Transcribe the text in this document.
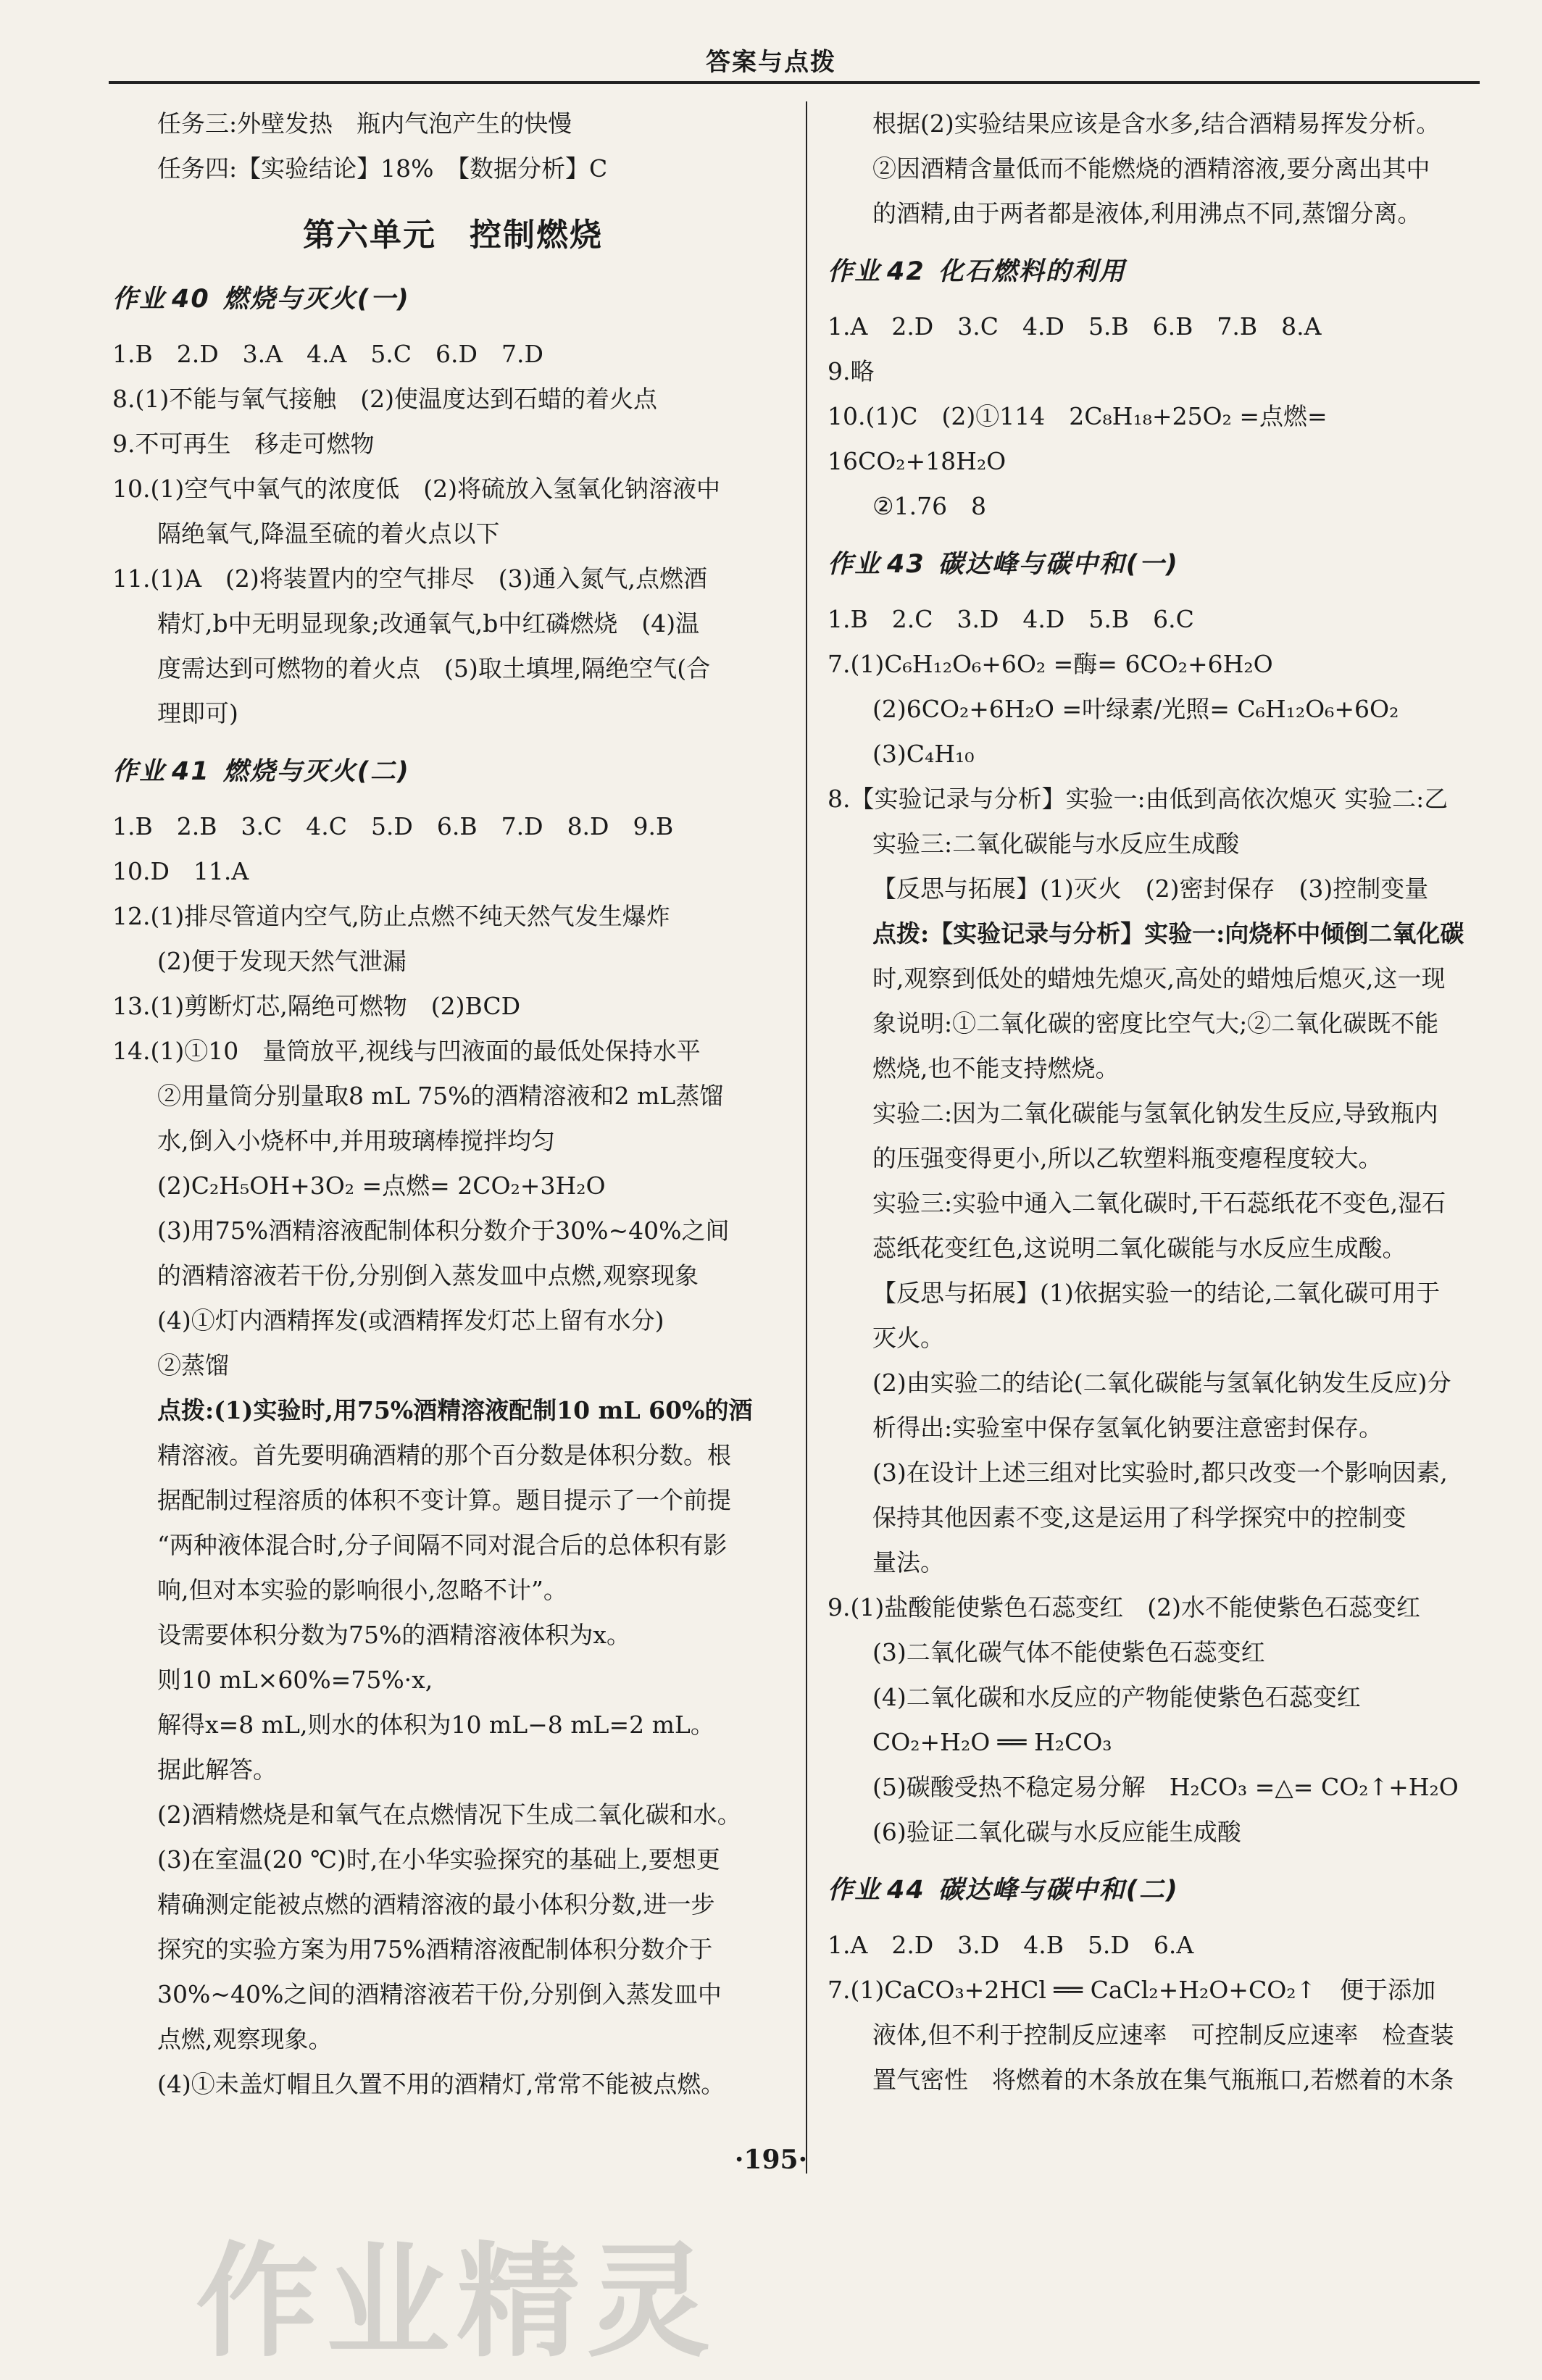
答案与点拨

任务三:外壁发热　瓶内气泡产生的快慢

任务四:【实验结论】18%　【数据分析】C

第六单元　控制燃烧
作业 40 燃烧与灭火(一)

1.B　2.D　3.A　4.A　5.C　6.D　7.D

8.(1)不能与氧气接触　(2)使温度达到石蜡的着火点

9.不可再生　移走可燃物

10.(1)空气中氧气的浓度低　(2)将硫放入氢氧化钠溶液中

隔绝氧气,降温至硫的着火点以下

11.(1)A　(2)将装置内的空气排尽　(3)通入氮气,点燃酒

精灯,b中无明显现象;改通氧气,b中红磷燃烧　(4)温

度需达到可燃物的着火点　(5)取土填埋,隔绝空气(合

理即可)

作业 41 燃烧与灭火(二)

1.B　2.B　3.C　4.C　5.D　6.B　7.D　8.D　9.B

10.D　11.A

12.(1)排尽管道内空气,防止点燃不纯天然气发生爆炸

(2)便于发现天然气泄漏

13.(1)剪断灯芯,隔绝可燃物　(2)BCD

14.(1)①10　量筒放平,视线与凹液面的最低处保持水平

②用量筒分别量取8 mL 75%的酒精溶液和2 mL蒸馏

水,倒入小烧杯中,并用玻璃棒搅拌均匀

(2)C₂H₅OH+3O₂ =点燃= 2CO₂+3H₂O

(3)用75%酒精溶液配制体积分数介于30%~40%之间

的酒精溶液若干份,分别倒入蒸发皿中点燃,观察现象

(4)①灯内酒精挥发(或酒精挥发灯芯上留有水分)

②蒸馏

点拨:(1)实验时,用75%酒精溶液配制10 mL 60%的酒

精溶液。首先要明确酒精的那个百分数是体积分数。根

据配制过程溶质的体积不变计算。题目提示了一个前提

“两种液体混合时,分子间隔不同对混合后的总体积有影

响,但对本实验的影响很小,忽略不计”。

设需要体积分数为75%的酒精溶液体积为x。

则10 mL×60%=75%·x,

解得x=8 mL,则水的体积为10 mL−8 mL=2 mL。

据此解答。

(2)酒精燃烧是和氧气在点燃情况下生成二氧化碳和水。

(3)在室温(20 ℃)时,在小华实验探究的基础上,要想更

精确测定能被点燃的酒精溶液的最小体积分数,进一步

探究的实验方案为用75%酒精溶液配制体积分数介于

30%~40%之间的酒精溶液若干份,分别倒入蒸发皿中

点燃,观察现象。

(4)①未盖灯帽且久置不用的酒精灯,常常不能被点燃。

根据(2)实验结果应该是含水多,结合酒精易挥发分析。

②因酒精含量低而不能燃烧的酒精溶液,要分离出其中

的酒精,由于两者都是液体,利用沸点不同,蒸馏分离。

作业 42 化石燃料的利用

1.A　2.D　3.C　4.D　5.B　6.B　7.B　8.A

9.略

10.(1)C　(2)①114　2C₈H₁₈+25O₂ =点燃= 16CO₂+18H₂O

②1.76　8

作业 43 碳达峰与碳中和(一)

1.B　2.C　3.D　4.D　5.B　6.C

7.(1)C₆H₁₂O₆+6O₂ =酶= 6CO₂+6H₂O

(2)6CO₂+6H₂O =叶绿素/光照= C₆H₁₂O₆+6O₂

(3)C₄H₁₀

8.【实验记录与分析】实验一:由低到高依次熄灭 实验二:乙

实验三:二氧化碳能与水反应生成酸

【反思与拓展】(1)灭火　(2)密封保存　(3)控制变量

点拨:【实验记录与分析】实验一:向烧杯中倾倒二氧化碳

时,观察到低处的蜡烛先熄灭,高处的蜡烛后熄灭,这一现

象说明:①二氧化碳的密度比空气大;②二氧化碳既不能

燃烧,也不能支持燃烧。

实验二:因为二氧化碳能与氢氧化钠发生反应,导致瓶内

的压强变得更小,所以乙软塑料瓶变瘪程度较大。

实验三:实验中通入二氧化碳时,干石蕊纸花不变色,湿石

蕊纸花变红色,这说明二氧化碳能与水反应生成酸。

【反思与拓展】(1)依据实验一的结论,二氧化碳可用于

灭火。

(2)由实验二的结论(二氧化碳能与氢氧化钠发生反应)分

析得出:实验室中保存氢氧化钠要注意密封保存。

(3)在设计上述三组对比实验时,都只改变一个影响因素,

保持其他因素不变,这是运用了科学探究中的控制变

量法。

9.(1)盐酸能使紫色石蕊变红　(2)水不能使紫色石蕊变红

(3)二氧化碳气体不能使紫色石蕊变红

(4)二氧化碳和水反应的产物能使紫色石蕊变红

CO₂+H₂O ══ H₂CO₃

(5)碳酸受热不稳定易分解　H₂CO₃ =△= CO₂↑+H₂O

(6)验证二氧化碳与水反应能生成酸

作业 44 碳达峰与碳中和(二)

1.A　2.D　3.D　4.B　5.D　6.A

7.(1)CaCO₃+2HCl ══ CaCl₂+H₂O+CO₂↑　便于添加

液体,但不利于控制反应速率　可控制反应速率　检查装

置气密性　将燃着的木条放在集气瓶瓶口,若燃着的木条

·195·
作业精灵
